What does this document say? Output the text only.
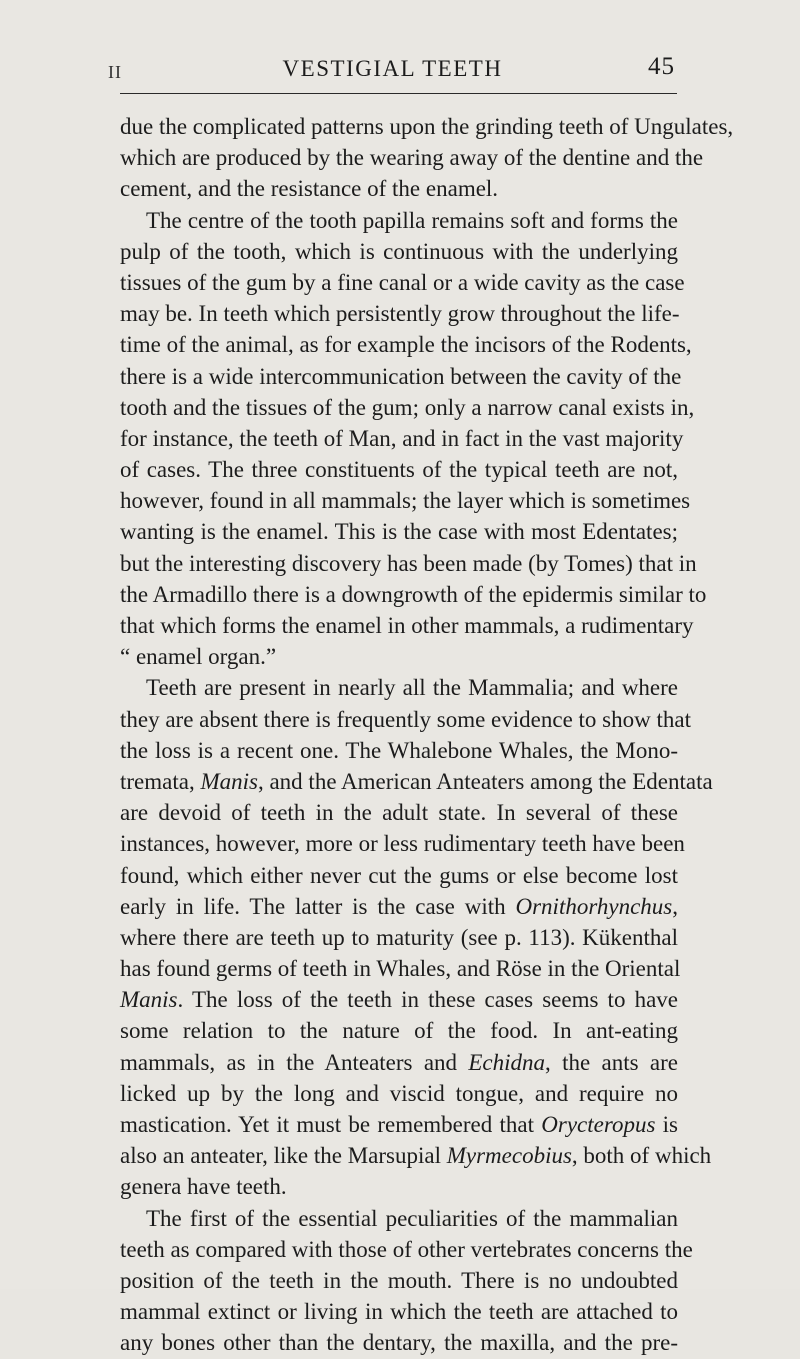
II	VESTIGIAL TEETH	45
due the complicated patterns upon the grinding teeth of Ungulates,
which are produced by the wearing away of the dentine and the
cement, and the resistance of the enamel.
The centre of the tooth papilla remains soft and forms the
pulp of the tooth, which is continuous with the underlying
tissues of the gum by a fine canal or a wide cavity as the case
may be. In teeth which persistently grow throughout the life-
time of the animal, as for example the incisors of the Rodents,
there is a wide intercommunication between the cavity of the
tooth and the tissues of the gum; only a narrow canal exists in,
for instance, the teeth of Man, and in fact in the vast majority
of cases. The three constituents of the typical teeth are not,
however, found in all mammals; the layer which is sometimes
wanting is the enamel. This is the case with most Edentates;
but the interesting discovery has been made (by Tomes) that in
the Armadillo there is a downgrowth of the epidermis similar to
that which forms the enamel in other mammals, a rudimentary
“ enamel organ.”
Teeth are present in nearly all the Mammalia; and where
they are absent there is frequently some evidence to show that
the loss is a recent one. The Whalebone Whales, the Mono-
tremata, Manis, and the American Anteaters among the Edentata
are devoid of teeth in the adult state. In several of these
instances, however, more or less rudimentary teeth have been
found, which either never cut the gums or else become lost
early in life. The latter is the case with Ornithorhynchus,
where there are teeth up to maturity (see p. 113). Kükenthal
has found germs of teeth in Whales, and Röse in the Oriental
Manis. The loss of the teeth in these cases seems to have
some relation to the nature of the food. In ant-eating
mammals, as in the Anteaters and Echidna, the ants are
licked up by the long and viscid tongue, and require no
mastication. Yet it must be remembered that Orycteropus is
also an anteater, like the Marsupial Myrmecobius, both of which
genera have teeth.
The first of the essential peculiarities of the mammalian
teeth as compared with those of other vertebrates concerns the
position of the teeth in the mouth. There is no undoubted
mammal extinct or living in which the teeth are attached to
any bones other than the dentary, the maxilla, and the pre-
